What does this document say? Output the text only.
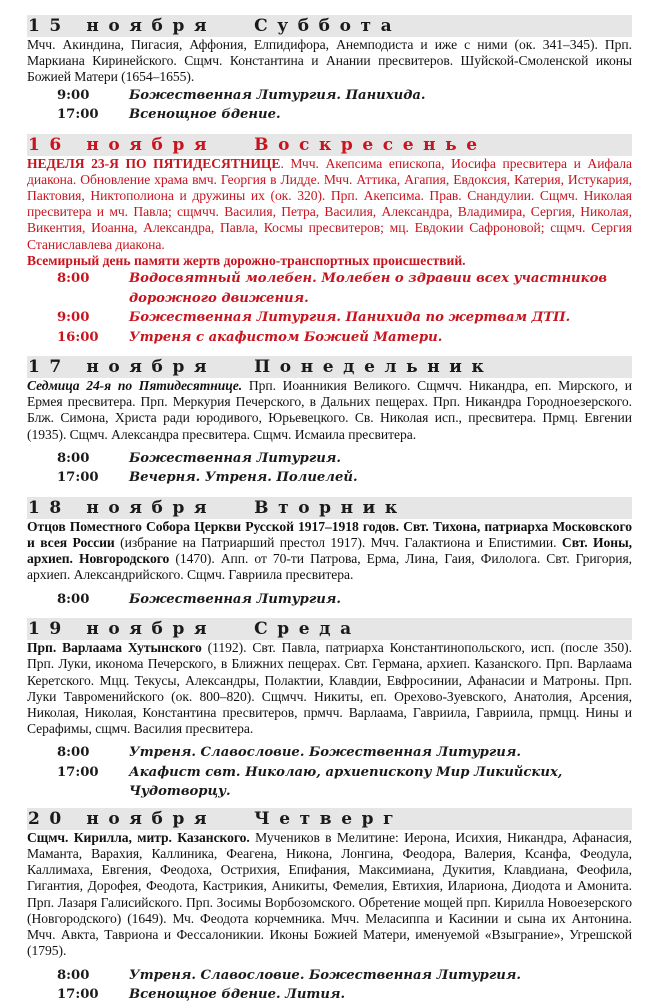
15 ноября Суббота

Мчч. Акиндина, Пигасия, Аффония, Елпидифора, Анемподиста и иже с ними (ок. 341–345). Прп. Маркиана Киринейского. Сщмч. Константина и Анании пресвитеров. Шуйской-Смоленской иконы Божией Матери (1654–1655).

9:00	Божественная Литургия. Панихида.
17:00	Всенощное бдение.
16 ноября Воскресенье

НЕДЕЛЯ 23-Я ПО ПЯТИДЕСЯТНИЦЕ. Мчч. Акепсима епископа, Иосифа пресвитера и Аифала диакона. Обновление храма вмч. Георгия в Лидде. Мчч. Аттика, Агапия, Евдоксия, Катерия, Истукария, Пактовия, Никтополиона и дружины их (ок. 320). Прп. Акепсима. Прав. Снандулии. Сщмч. Николая пресвитера и мч. Павла; сщмчч. Василия, Петра, Василия, Александра, Владимира, Сергия, Николая, Викентия, Иоанна, Александра, Павла, Космы пресвитеров; мц. Евдокии Сафроновой; сщмч. Сергия Станиславлева диакона.

Всемирный день памяти жертв дорожно-транспортных происшествий.

8:00	Водосвятный молебен. Молебен о здравии всех участников дорожного движения.
9:00	Божественная Литургия. Панихида по жертвам ДТП.
16:00	Утреня с акафистом Божией Матери.
17 ноября Понедельник

Седмица 24-я по Пятидесятнице. Прп. Иоанникия Великого. Сщмчч. Никандра, еп. Мирского, и Ермея пресвитера. Прп. Меркурия Печерского, в Дальних пещерах. Прп. Никандра Городноезерского. Блж. Симона, Христа ради юродивого, Юрьевецкого. Св. Николая исп., пресвитера. Прмц. Евгении (1935). Сщмч. Александра пресвитера. Сщмч. Исмаила пресвитера.

8:00	Божественная Литургия.
17:00	Вечерня. Утреня. Полиелей.
18 ноября Вторник

Отцов Поместного Собора Церкви Русской 1917–1918 годов. Свт. Тихона, патриарха Московского и всея России (избрание на Патриарший престол 1917). Мчч. Галактиона и Епистимии. Свт. Ионы, архиеп. Новгородского (1470). Апп. от 70-ти Патрова, Ерма, Лина, Гаия, Филолога. Свт. Григория, архиеп. Александрийского. Сщмч. Гавриила пресвитера.

8:00	Божественная Литургия.
19 ноября Среда

Прп. Варлаама Хутынского (1192). Свт. Павла, патриарха Константинопольского, исп. (после 350). Прп. Луки, иконома Печерского, в Ближних пещерах. Свт. Германа, архиеп. Казанского. Прп. Варлаама Керетского. Мцц. Текусы, Александры, Полактии, Клавдии, Евфросинии, Афанасии и Матроны. Прп. Луки Тавроменийского (ок. 800–820). Сщмчч. Никиты, еп. Орехово-Зуевского, Анатолия, Арсения, Николая, Николая, Константина пресвитеров, прмчч. Варлаама, Гавриила, Гавриила, прмцц. Нины и Серафимы, сщмч. Василия пресвитера.

8:00	Утреня. Славословие. Божественная Литургия.
17:00	Акафист свт. Николаю, архиепископу Мир Ликийских, Чудотворцу.
20 ноября Четверг

Сщмч. Кирилла, митр. Казанского. Мучеников в Мелитине: Иерона, Исихия, Никандра, Афанасия, Маманта, Варахия, Каллиника, Феагена, Никона, Лонгина, Феодора, Валерия, Ксанфа, Феодула, Каллимаха, Евгения, Феодоха, Острихия, Епифания, Максимиана, Дукития, Клавдиана, Феофила, Гигантия, Дорофея, Феодота, Кастрикия, Аникиты, Фемелия, Евтихия, Илариона, Диодота и Амонита. Прп. Лазаря Галисийского. Прп. Зосимы Ворбозомского. Обретение мощей прп. Кирилла Новоезерского (Новгородского) (1649). Мч. Феодота корчемника. Мчч. Меласиппа и Касинии и сына их Антонина. Мчч. Авкта, Тавриона и Фессалоникии. Иконы Божией Матери, именуемой «Взыграние», Угрешской (1795).

8:00	Утреня. Славословие. Божественная Литургия.
17:00	Всенощное бдение. Лития.
